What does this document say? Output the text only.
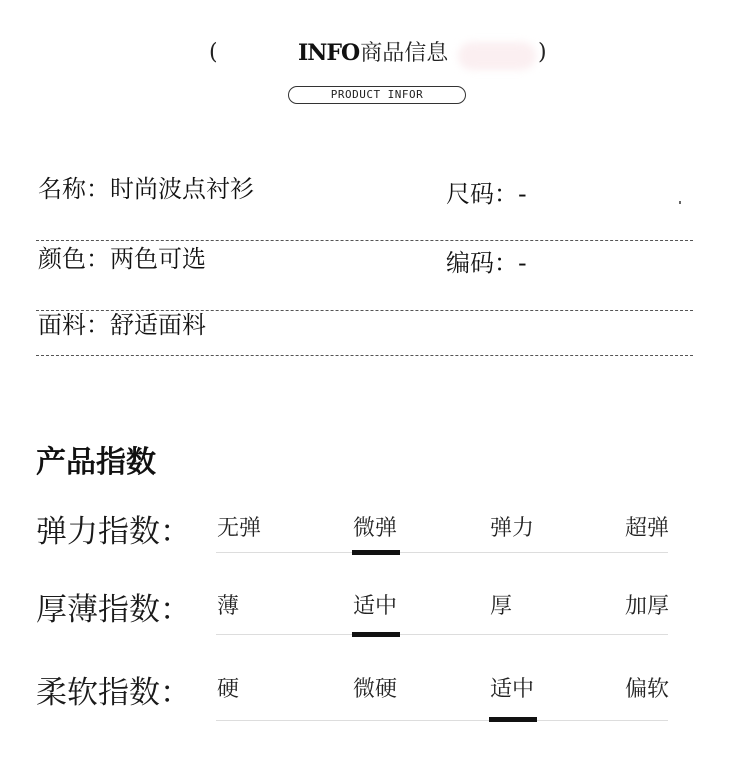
(	INFO商品信息	)
PRODUCT INFOR
名称 ： 时尚波点衬衫	尺码 ： -
颜色 ： 两色可选	编码 ： -
面料 ： 舒适面料
产品指数
弹力指数 ：	无弹	微弹	弹力	超弹
厚薄指数 ：	薄	适中	厚	加厚
柔软指数 ：	硬	微硬	适中	偏软
